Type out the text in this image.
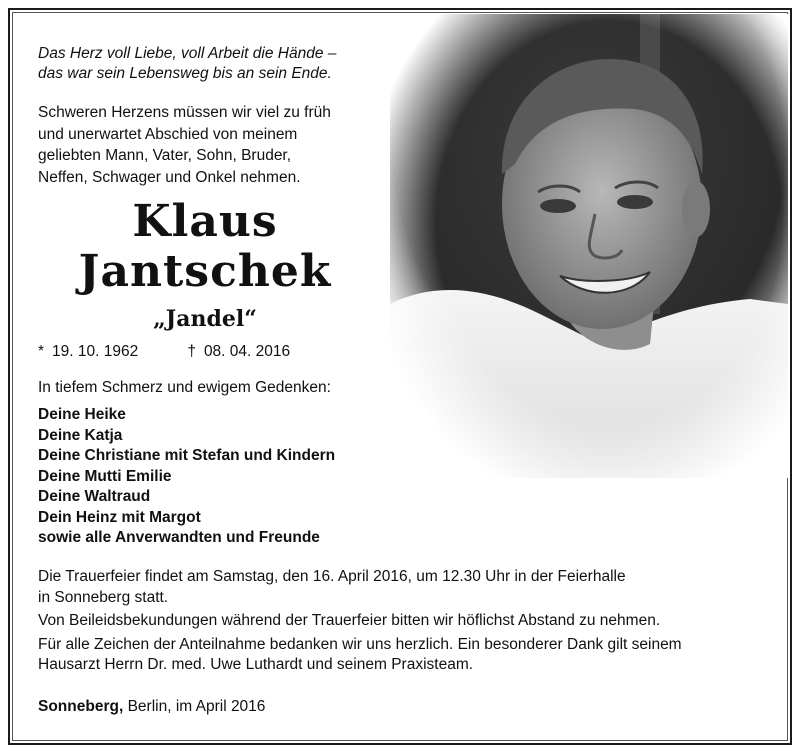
Das Herz voll Liebe, voll Arbeit die Hände –
das war sein Lebensweg bis an sein Ende.
Schweren Herzens müssen wir viel zu früh
und unerwartet Abschied von meinem
geliebten Mann, Vater, Sohn, Bruder,
Neffen, Schwager und Onkel nehmen.
Klaus
Jantschek
„Jandel“
* 19. 10. 1962	† 08. 04. 2016
In tiefem Schmerz und ewigem Gedenken:
Deine Heike
Deine Katja
Deine Christiane mit Stefan und Kindern
Deine Mutti Emilie
Deine Waltraud
Dein Heinz mit Margot
sowie alle Anverwandten und Freunde

Die Trauerfeier findet am Samstag, den 16. April 2016, um 12.30 Uhr in der Feierhalle
in Sonneberg statt.

Von Beileidsbekundungen während der Trauerfeier bitten wir höflichst Abstand zu nehmen.

Für alle Zeichen der Anteilnahme bedanken wir uns herzlich. Ein besonderer Dank gilt seinem
Hausarzt Herrn Dr. med. Uwe Luthardt und seinem Praxisteam.

Sonneberg, Berlin, im April 2016
